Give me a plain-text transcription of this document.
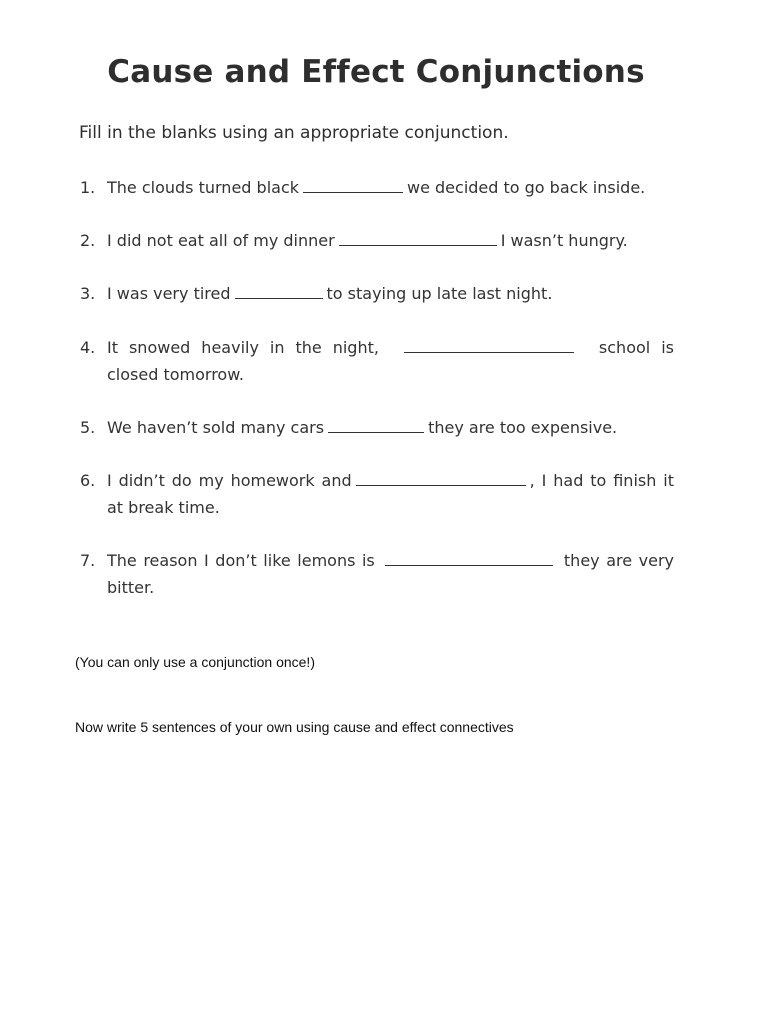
Cause and Effect Conjunctions
Fill in the blanks using an appropriate conjunction.
1. The clouds turned black	we decided to go back inside.
2. I did not eat all of my dinner	I wasn’t hungry.
3. I was very tired	to staying up late last night.
4. It snowed heavily in the night,	school is closed tomorrow.
5. We haven’t sold many cars	they are too expensive.
6. I didn’t do my homework and	, I had to finish it at break time.
7. The reason I don’t like lemons is	they are very bitter.
(You can only use a conjunction once!)
Now write 5 sentences of your own using cause and effect connectives
